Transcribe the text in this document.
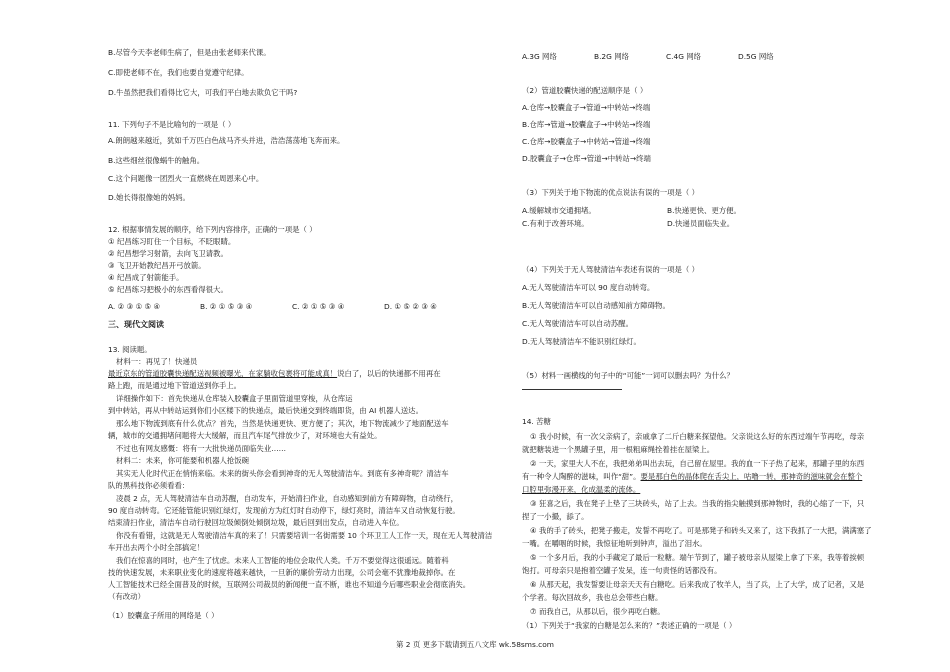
B.尽管今天李老师生病了，但是由张老师来代课。
C.即使老师不在，我们也要自觉遵守纪律。
D.牛虽然把我们看得比它大，可我们平白地去欺负它干吗?
11. 下列句子不是比喻句的一项是（ ）
A.朗朗越来越近，犹如千万匹白色战马齐头并进，浩浩荡荡地飞奔而来。
B.这些细丝很像蜗牛的触角。
C.这个问题像一团烈火一直燃烧在周恩来心中。
D.她长得很像她的妈妈。
12. 根据事情发展的顺序，给下列内容排序，正确的一项是（ ）
① 纪昌练习盯住一个目标，不眨眼睛。
② 纪昌想学习射箭，去向飞卫请教。
③ 飞卫开始教纪昌开弓放箭。
④ 纪昌成了射箭能手。
⑤ 纪昌练习把极小的东西看得很大。
A. ② ③ ① ⑤ ④	B. ② ① ⑤ ③ ④	C. ② ① ⑤ ③ ④	D. ① ⑤ ② ③ ④
三、现代文阅读
13. 阅读题。
材料一：再见了！快递员
最近京东的管道胶囊快递配送视频被曝光，在家躺收包裹将可能成真！说白了，以后的快递都不用再在
路上跑，而是通过地下管道送到你手上。
详细操作如下：首先快递从仓库装入胶囊盒子里面管道里穿梭，从仓库运
到中转站，再从中转站运到你们小区楼下的快递点，最后快递交到终端即货，由 AI 机器人送达。
那么地下物流到底有什么优点？首先，当然是快递更快、更方便了；其次，地下物流减少了地面配送车
辆，城市的交通拥堵问题将大大缓解，而且汽车尾气排放少了，对环境也大有益处。
不过也有网友感慨：将有一大批快递员面临失业……
材料二：未来，你可能要和机器人抢饭碗
其实无人化时代正在悄悄来临。未来的街头你会看到神奇的无人驾驶清洁车。到底有多神奇呢？清洁车
队的黑科技你必须看看：
凌晨 2 点，无人驾驶清洁车自动苏醒，自动发车，开始清扫作业，自动感知到前方有障碍物，自动绕行，
90 度自动转弯。它还能管能识别红绿灯，发现前方为红灯时自动停下，绿灯亮时，清洁车又自动恢复行驶。
结束清扫作业，清洁车自动行驶回垃圾倾倒处倾倒垃圾，最后回到出发点，自动进入车位。
你没有看错，这就是无人驾驶清洁车真的来了！只需要培训一名街需要 10 个环卫工人工作一天，现在无人驾驶清洁
车开出去两个小时全部搞定！
我们在惊喜的同时，也产生了忧虑。未来人工智能的地位会取代人类。千万不要觉得这很遥远。随着科
技的快速发展，未来职业变化的速度将越来越快，一旦新的廉价劳动力出现，公司会毫不犹豫地裁掉你。在
人工智能技术已经全面普及的时候，互联网公司裁员的新闻便一直不断，谁也不知道今后哪些职业会彻底消失。
（有改动）
（1）胶囊盒子所用的网络是（ ）
A.3G 网络	B.2G 网络	C.4G 网络	D.5G 网络
（2）管道胶囊快递的配送顺序是（ ）
A.仓库→胶囊盒子→管道→中转站→终端
B.仓库→管道→胶囊盒子→中转站→终端
C.仓库→胶囊盒子→中转站→管道→终端
D.胶囊盒子→仓库→管道→中转站→终端
（3）下列关于地下物流的优点说法有误的一项是（ ）
A.缓解城市交通拥堵。	B.快递更快、更方便。
C.有利于改善环境。	D.快递员面临失业。
（4）下列关于无人驾驶清洁车表述有误的一项是（ ）
A.无人驾驶清洁车可以 90 度自动转弯。
B.无人驾驶清洁车可以自动感知前方障碍物。
C.无人驾驶清洁车可以自动苏醒。
D.无人驾驶清洁车不能识别红绿灯。
（5）材料一画横线的句子中的“可能”一词可以删去吗？为什么？
14. 苦糖
① 我小时候，有一次父亲病了，亲戚拿了二斤白糖来探望他。父亲说这么好的东西过端午节再吃，母亲
就把糖装进一个黑罐子里，用一根粗麻绳拴着挂在屋梁上。
② 一天，家里大人不在，我把弟弟叫出去玩，自己留在屋里。我的血一下子热了起来，那罐子里的东西
有一种令人陶醉的滋味，叫作“甜”。要是那白色的晶体爬在舌尖上，咕噜一转，那神奇的滋味就会在整个
口腔里弥漫开来，化成温柔的流体。
③ 狂喜之后，我在凳子上垫了三块砖头，站了上去。当我的指尖触摸到那神物时，我的心缩了一下，只
捏了一小撮，舔了。
④ 我的手了砖头，把凳子搬走，发誓不再吃了。可是那凳子和砖头又来了，这下我抓了一大把，满满塞了
一嘴。在嚼咽的时候，我惊征地听到钟声，溢出了泪水。
⑤ 一个多月后，我的小手藏定了最后一粒糖。端午节到了，罐子被母亲从屋梁上拿了下来，我等着挨顿
饱打。可母亲只是抱着空罐子发呆，连一句责怪的话都没有。
⑥ 从那天起，我发誓要让母亲天天有白糖吃。后来我成了牧羊人，当了兵，上了大学，成了记者，又是
个学者。每次回故乡，我也总会带些白糖。
⑦ 而我自己，从那以后，很少再吃白糖。
（1）下列关于“我家的白糖是怎么来的？”表述正确的一项是（ ）
第 2 页 更多下载请到五八文库 wk.58sms.com
